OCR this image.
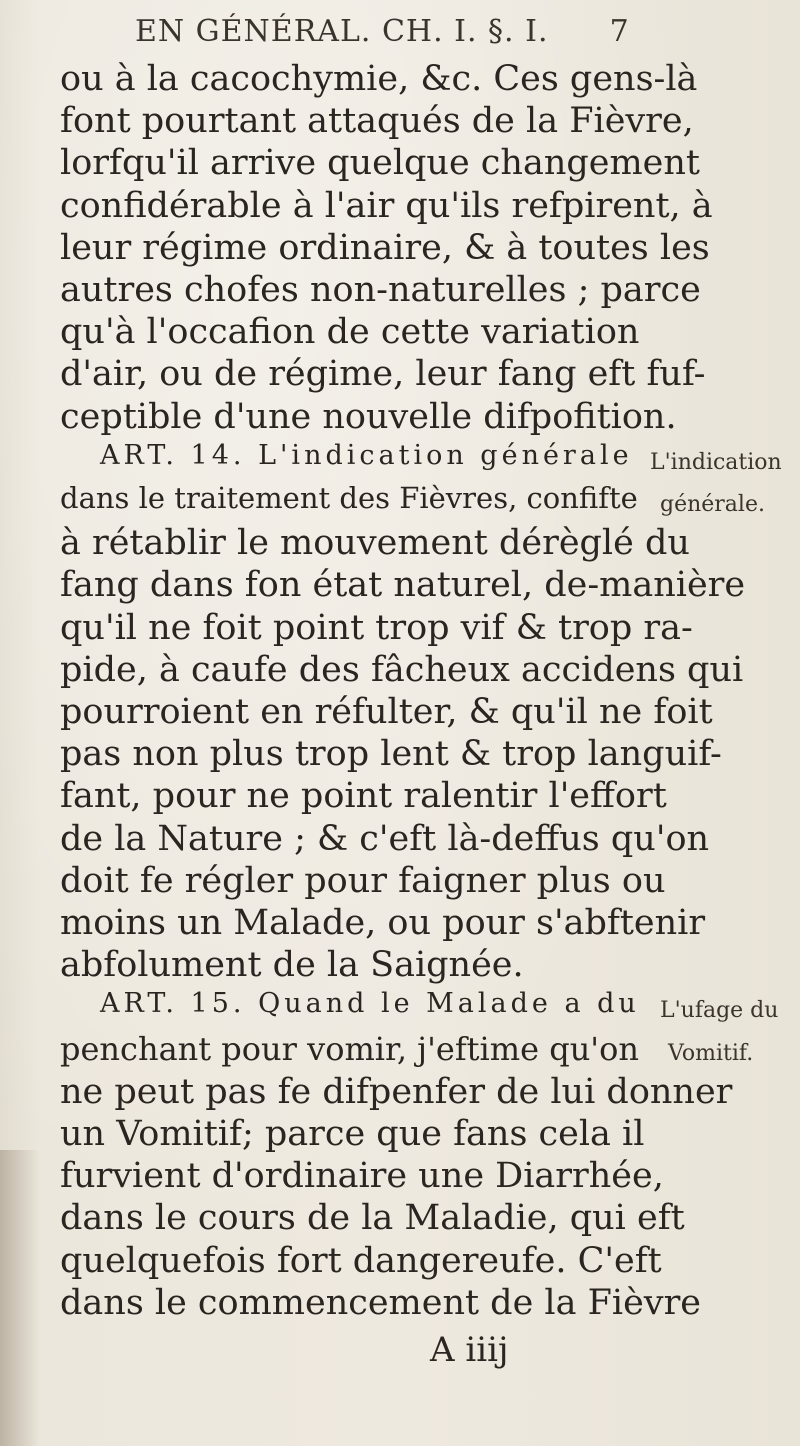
EN GÉNÉRAL. CH. I. §. I. 7
ou à la cacochymie, &c. Ces gens-là
font pourtant attaqués de la Fièvre,
lorfqu'il arrive quelque changement
confidérable à l'air qu'ils refpirent, à
leur régime ordinaire, & à toutes les
autres chofes non-naturelles ; parce
qu'à l'occafion de cette variation
d'air, ou de régime, leur fang eft fuf-
ceptible d'une nouvelle difpofition.
ART. 14. L'indication générale
dans le traitement des Fièvres, confifte
à rétablir le mouvement dérèglé du
fang dans fon état naturel, de-manière
qu'il ne foit point trop vif & trop ra-
pide, à caufe des fâcheux accidens qui
pourroient en réfulter, & qu'il ne foit
pas non plus trop lent & trop languif-
fant, pour ne point ralentir l'effort
de la Nature ; & c'eft là-deffus qu'on
doit fe régler pour faigner plus ou
moins un Malade, ou pour s'abftenir
abfolument de la Saignée.
ART. 15. Quand le Malade a du
penchant pour vomir, j'eftime qu'on
ne peut pas fe difpenfer de lui donner
un Vomitif; parce que fans cela il
furvient d'ordinaire une Diarrhée,
dans le cours de la Maladie, qui eft
quelquefois fort dangereufe. C'eft
dans le commencement de la Fièvre
L'indication
générale.
L'ufage du
Vomitif.
A iiij
